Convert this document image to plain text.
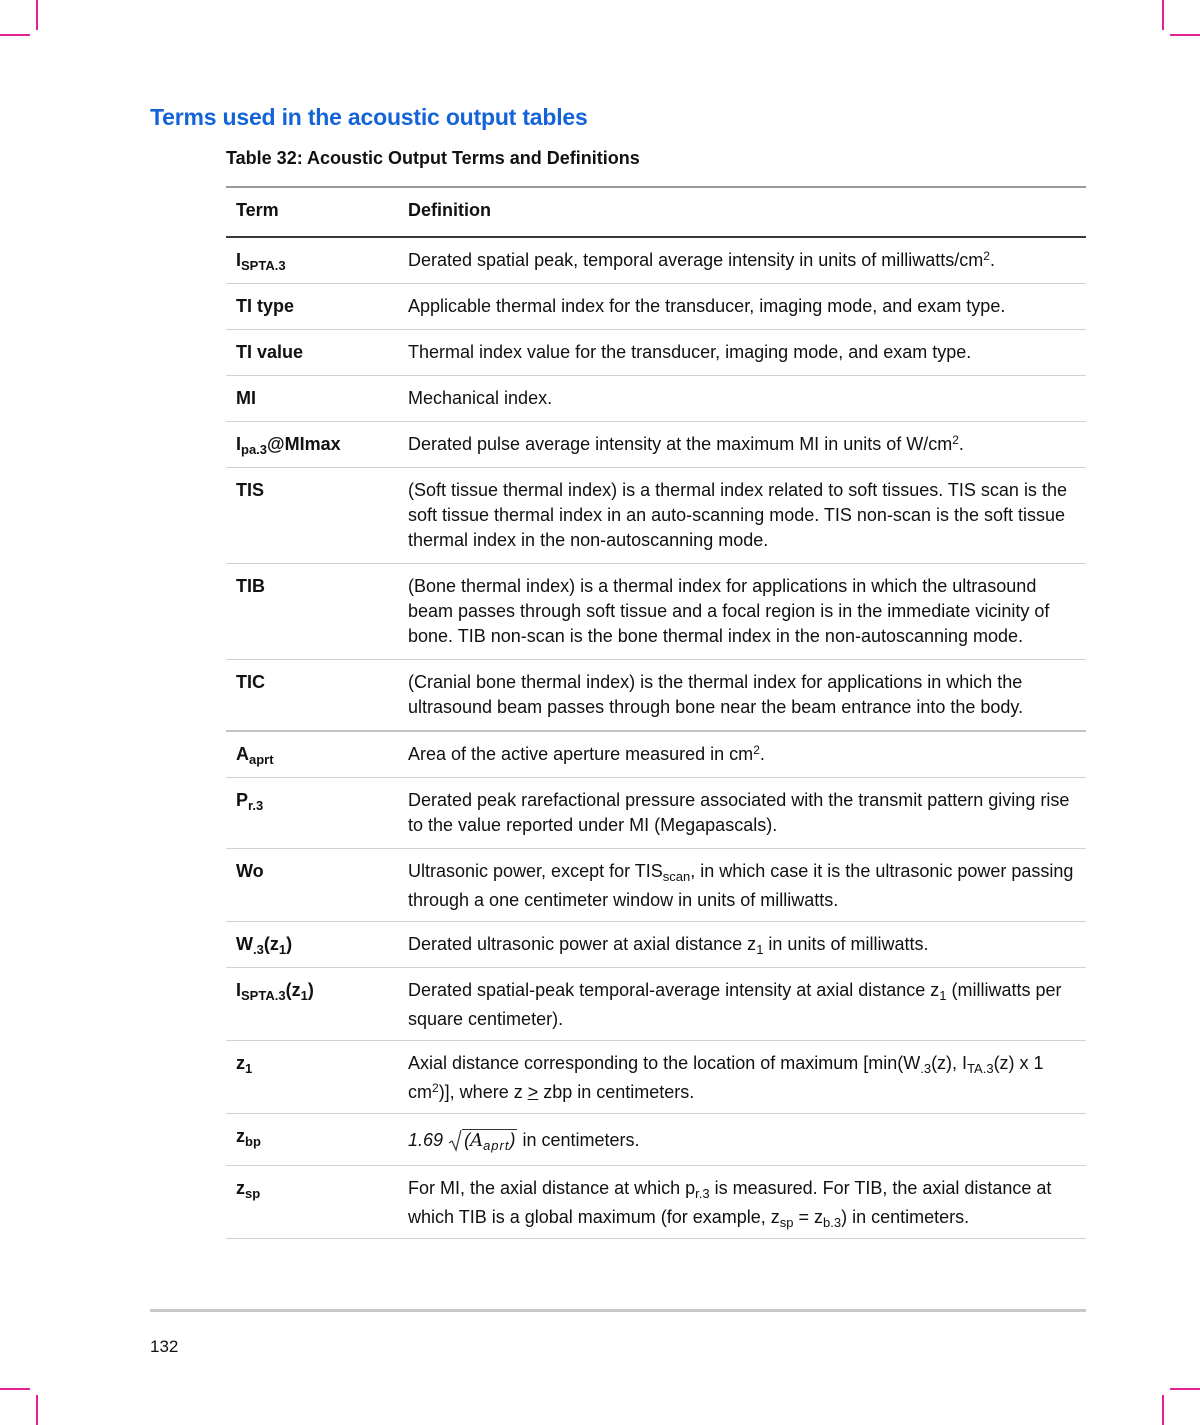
Terms used in the acoustic output tables
Table 32: Acoustic Output Terms and Definitions
Term	Definition
$I_{SPTA.3}$	Derated spatial peak, temporal average intensity in units of milliwatts/$cm^2$.
TI type	Applicable thermal index for the transducer, imaging mode, and exam type.
TI value	Thermal index value for the transducer, imaging mode, and exam type.
MI	Mechanical index.
$I_{pa.3}@MImax$	Derated pulse average intensity at the maximum MI in units of $W/cm^2$.
TIS	(Soft tissue thermal index) is a thermal index related to soft tissues. TIS scan is the soft tissue thermal index in an auto-scanning mode. TIS non-scan is the soft tissue thermal index in the non-autoscanning mode.
TIB	(Bone thermal index) is a thermal index for applications in which the ultrasound beam passes through soft tissue and a focal region is in the immediate vicinity of bone. TIB non-scan is the bone thermal index in the non-autoscanning mode.
TIC	(Cranial bone thermal index) is the thermal index for applications in which the ultrasound beam passes through bone near the beam entrance into the body.
$A_{aprt}$	Area of the active aperture measured in $cm^2$.
$P_{r.3}$	Derated peak rarefactional pressure associated with the transmit pattern giving rise to the value reported under MI (Megapascals).
Wo	Ultrasonic power, except for $TIS_{scan}$, in which case it is the ultrasonic power passing through a one centimeter window in units of milliwatts.
$W_{.3}(z_1)$	Derated ultrasonic power at axial distance $z_1$ in units of milliwatts.
$I_{SPTA.3}(z_1)$	Derated spatial-peak temporal-average intensity at axial distance $z_1$ (milliwatts per square centimeter).
$z_1$	Axial distance corresponding to the location of maximum [$\min(W_{.3}(z)$, $I_{TA.3}(z)$ x 1 $cm^2$)], where z > zbp in centimeters.
$z_{bp}$	1.69 $(A_{aprt})$ in centimeters.
$z_{sp}$	For MI, the axial distance at which $p_{r.3}$ is measured. For TIB, the axial distance at which TIB is a global maximum (for example, $z_{sp} = z_{b.3}$) in centimeters.
132
